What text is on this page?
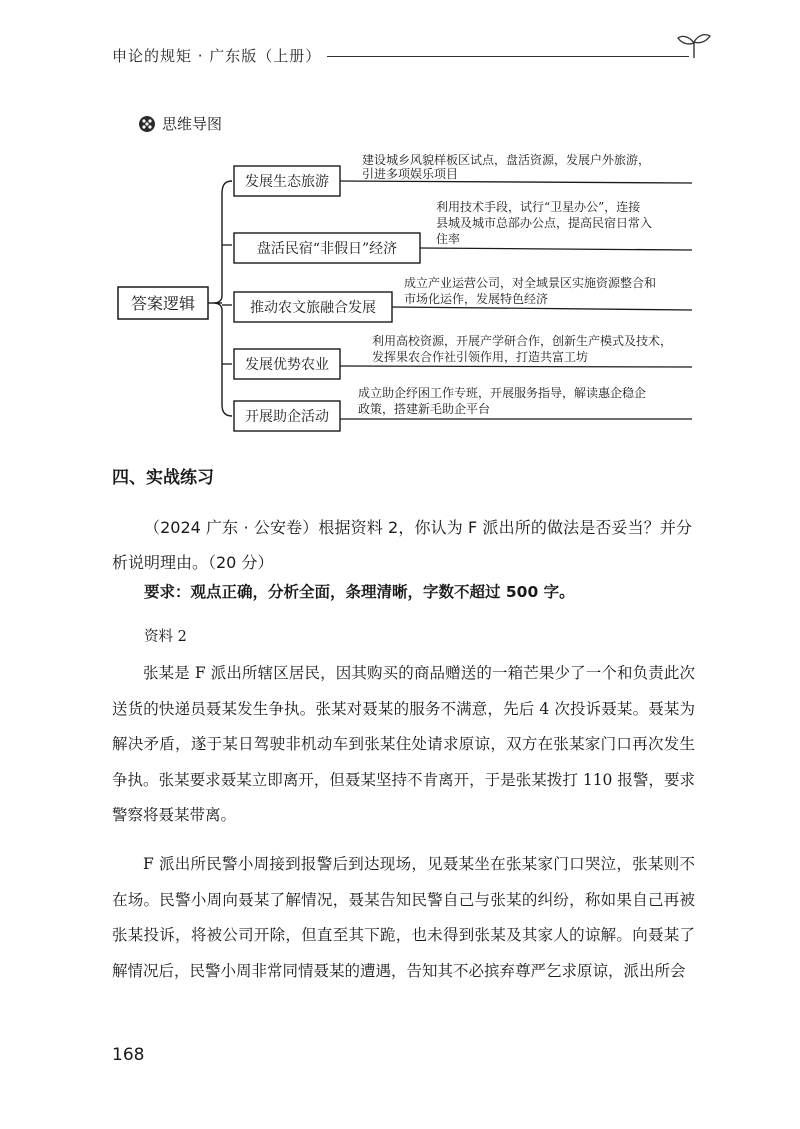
申论的规矩 · 广东版（上册）
思维导图
答案逻辑
发展生态旅游
建设城乡风貌样板区试点，盘活资源，发展户外旅游，
引进多项娱乐项目
盘活民宿“非假日”经济
利用技术手段，试行“卫星办公”，连接
县城及城市总部办公点，提高民宿日常入
住率
推动农文旅融合发展
成立产业运营公司，对全域景区实施资源整合和
市场化运作，发展特色经济
发展优势农业
利用高校资源，开展产学研合作，创新生产模式及技术，
发挥果农合作社引领作用，打造共富工坊
开展助企活动
成立助企纾困工作专班，开展服务指导，解读惠企稳企
政策，搭建新毛助企平台
四、实战练习
（2024 广东 · 公安卷）根据资料 2，你认为 F 派出所的做法是否妥当？并分析说明理由。（20 分）
要求：观点正确，分析全面，条理清晰，字数不超过 500 字。
资料 2
张某是 F 派出所辖区居民，因其购买的商品赠送的一箱芒果少了一个和负责此次送货的快递员聂某发生争执。张某对聂某的服务不满意，先后 4 次投诉聂某。聂某为解决矛盾，遂于某日驾驶非机动车到张某住处请求原谅，双方在张某家门口再次发生争执。张某要求聂某立即离开，但聂某坚持不肯离开，于是张某拨打 110 报警，要求警察将聂某带离。
F 派出所民警小周接到报警后到达现场，见聂某坐在张某家门口哭泣，张某则不在场。民警小周向聂某了解情况，聂某告知民警自己与张某的纠纷，称如果自己再被张某投诉，将被公司开除，但直至其下跪，也未得到张某及其家人的谅解。向聂某了解情况后，民警小周非常同情聂某的遭遇，告知其不必摈弃尊严乞求原谅，派出所会
168
